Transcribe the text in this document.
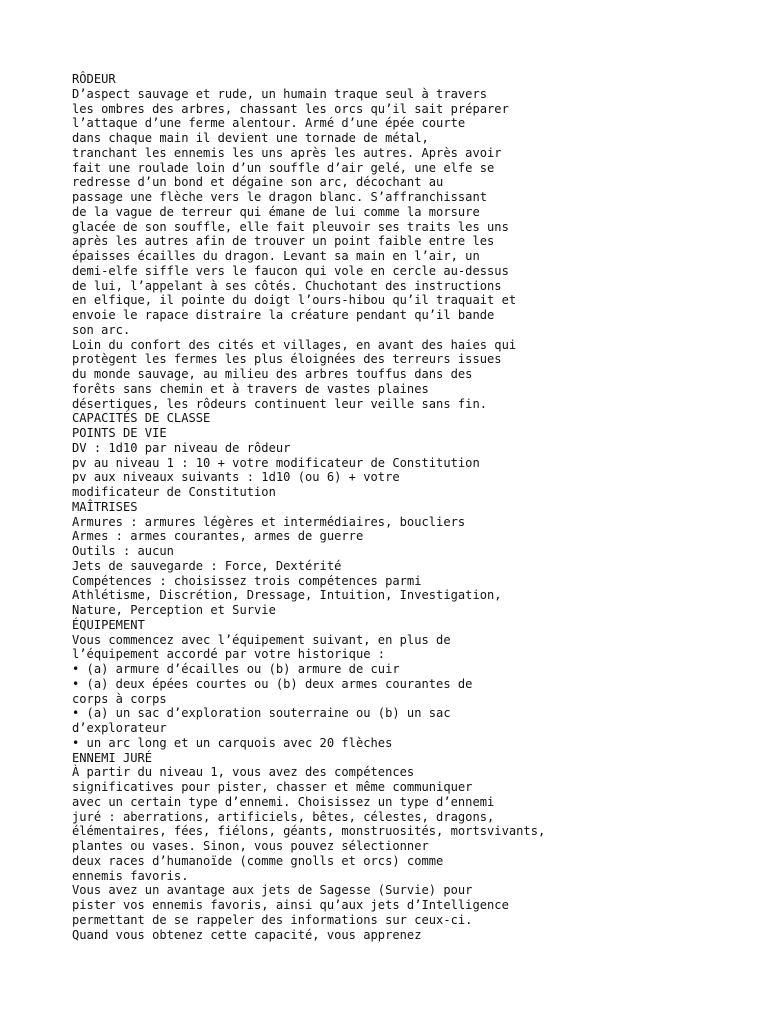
RÔDEUR
D’aspect sauvage et rude, un humain traque seul à travers
les ombres des arbres, chassant les orcs qu’il sait préparer
l’attaque d’une ferme alentour. Armé d’une épée courte
dans chaque main il devient une tornade de métal,
tranchant les ennemis les uns après les autres. Après avoir
fait une roulade loin d’un souffle d’air gelé, une elfe se
redresse d’un bond et dégaine son arc, décochant au
passage une flèche vers le dragon blanc. S’affranchissant
de la vague de terreur qui émane de lui comme la morsure
glacée de son souffle, elle fait pleuvoir ses traits les uns
après les autres afin de trouver un point faible entre les
épaisses écailles du dragon. Levant sa main en l’air, un
demi-elfe siffle vers le faucon qui vole en cercle au-dessus
de lui, l’appelant à ses côtés. Chuchotant des instructions
en elfique, il pointe du doigt l’ours-hibou qu’il traquait et
envoie le rapace distraire la créature pendant qu’il bande
son arc.
Loin du confort des cités et villages, en avant des haies qui
protègent les fermes les plus éloignées des terreurs issues
du monde sauvage, au milieu des arbres touffus dans des
forêts sans chemin et à travers de vastes plaines
désertiques, les rôdeurs continuent leur veille sans fin.
CAPACITÉS DE CLASSE
POINTS DE VIE
DV : 1d10 par niveau de rôdeur
pv au niveau 1 : 10 + votre modificateur de Constitution
pv aux niveaux suivants : 1d10 (ou 6) + votre
modificateur de Constitution
MAÎTRISES
Armures : armures légères et intermédiaires, boucliers
Armes : armes courantes, armes de guerre
Outils : aucun
Jets de sauvegarde : Force, Dextérité
Compétences : choisissez trois compétences parmi
Athlétisme, Discrétion, Dressage, Intuition, Investigation,
Nature, Perception et Survie
ÉQUIPEMENT
Vous commencez avec l’équipement suivant, en plus de
l’équipement accordé par votre historique :
• (a) armure d’écailles ou (b) armure de cuir
• (a) deux épées courtes ou (b) deux armes courantes de
corps à corps
• (a) un sac d’exploration souterraine ou (b) un sac
d’explorateur
• un arc long et un carquois avec 20 flèches
ENNEMI JURÉ
À partir du niveau 1, vous avez des compétences
significatives pour pister, chasser et même communiquer
avec un certain type d’ennemi. Choisissez un type d’ennemi
juré : aberrations, artificiels, bêtes, célestes, dragons,
élémentaires, fées, fiélons, géants, monstruosités, mortsvivants,
plantes ou vases. Sinon, vous pouvez sélectionner
deux races d’humanoïde (comme gnolls et orcs) comme
ennemis favoris.
Vous avez un avantage aux jets de Sagesse (Survie) pour
pister vos ennemis favoris, ainsi qu’aux jets d’Intelligence
permettant de se rappeler des informations sur ceux-ci.
Quand vous obtenez cette capacité, vous apprenez
